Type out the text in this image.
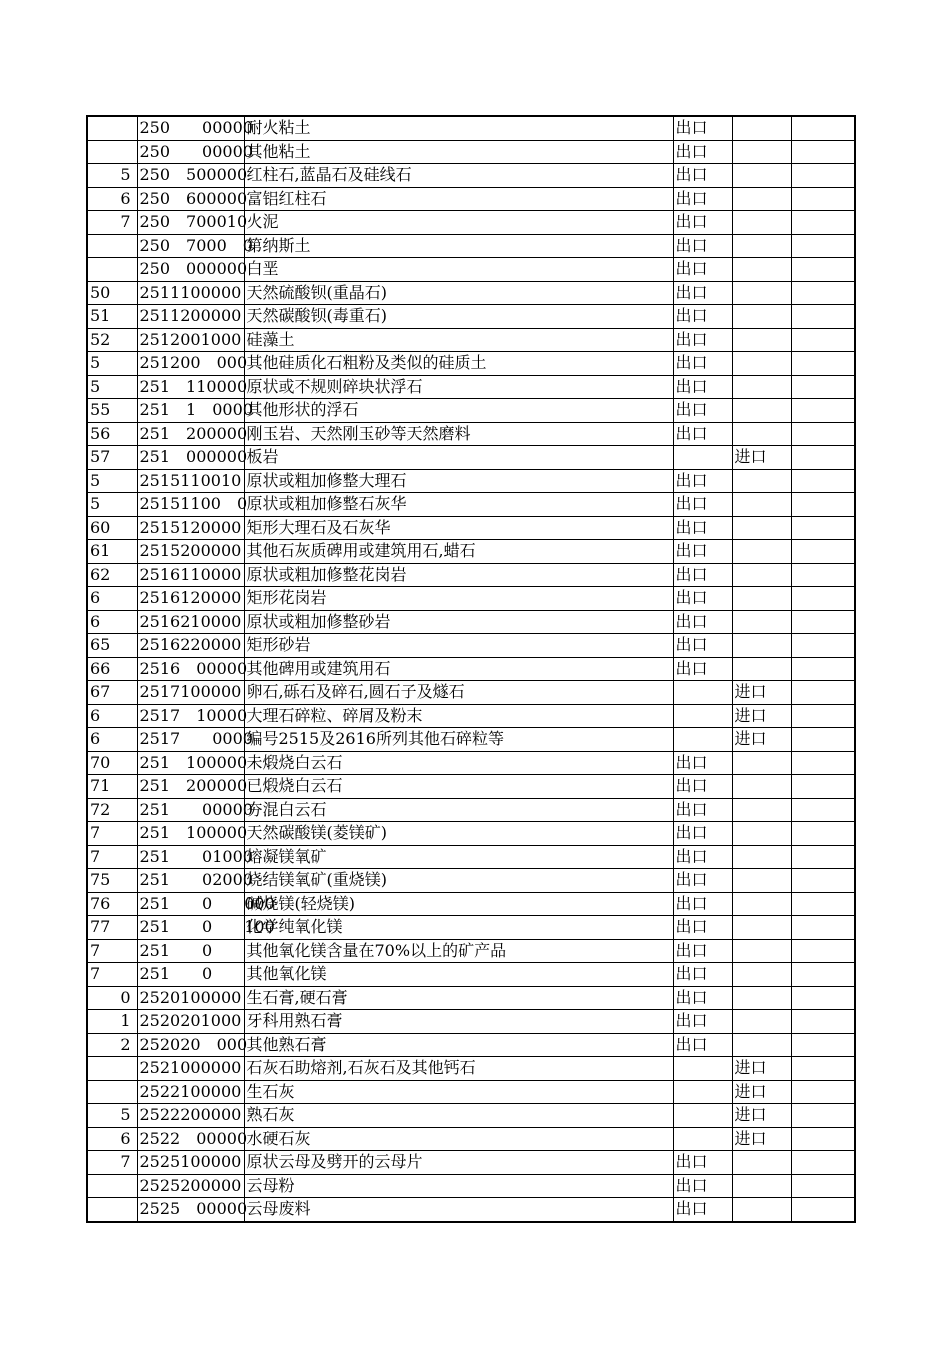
	250　　00000	耐火粘土	出口		
	250　　00000	其他粘土	出口		
5	250　500000	红柱石,蓝晶石及硅线石	出口		
6	250　600000	富铝红柱石	出口		
7	250　700010	火泥	出口		
	250　7000　0	第纳斯土	出口		
	250　000000	白垩	出口		
50	2511100000	天然硫酸钡(重晶石)	出口		
51	2511200000	天然碳酸钡(毒重石)	出口		
52	2512001000	硅藻土	出口		
5	251200　000	其他硅质化石粗粉及类似的硅质土	出口		
5	251　110000	原状或不规则碎块状浮石	出口		
55	251　1　0000	其他形状的浮石	出口		
56	251　200000	刚玉岩、天然刚玉砂等天然磨料	出口		
57	251　000000	板岩		进口	
5	2515110010	原状或粗加修整大理石	出口		
5	25151100　0	原状或粗加修整石灰华	出口		
60	2515120000	矩形大理石及石灰华	出口		
61	2515200000	其他石灰质碑用或建筑用石,蜡石	出口		
62	2516110000	原状或粗加修整花岗岩	出口		
6	2516120000	矩形花岗岩	出口		
6	2516210000	原状或粗加修整砂岩	出口		
65	2516220000	矩形砂岩	出口		
66	2516　00000	其他碑用或建筑用石	出口		
67	2517100000	卵石,砾石及碎石,圆石子及燧石		进口	
6	2517　10000	大理石碎粒、碎屑及粉末		进口	
6	2517　　0000	编号2515及2616所列其他石碎粒等		进口	
70	251　100000	未煅烧白云石	出口		
71	251　200000	已煅烧白云石	出口		
72	251　　00000	夯混白云石	出口		
7	251　100000	天然碳酸镁(菱镁矿)	出口		
7	251　　01000	熔凝镁氧矿	出口		
75	251　　02000	烧结镁氧矿(重烧镁)	出口		
76	251　　0　　000	碱烧镁(轻烧镁)	出口		
77	251　　0　　100	化学纯氧化镁	出口		
7	251　　0	其他氧化镁含量在70%以上的矿产品	出口		
7	251　　0	其他氧化镁	出口		
0	2520100000	生石膏,硬石膏	出口		
1	2520201000	牙科用熟石膏	出口		
2	252020　000	其他熟石膏	出口		
	2521000000	石灰石助熔剂,石灰石及其他钙石		进口	
	2522100000	生石灰		进口	
5	2522200000	熟石灰		进口	
6	2522　00000	水硬石灰		进口	
7	2525100000	原状云母及劈开的云母片	出口		
	2525200000	云母粉	出口		
	2525　00000	云母废料	出口		
